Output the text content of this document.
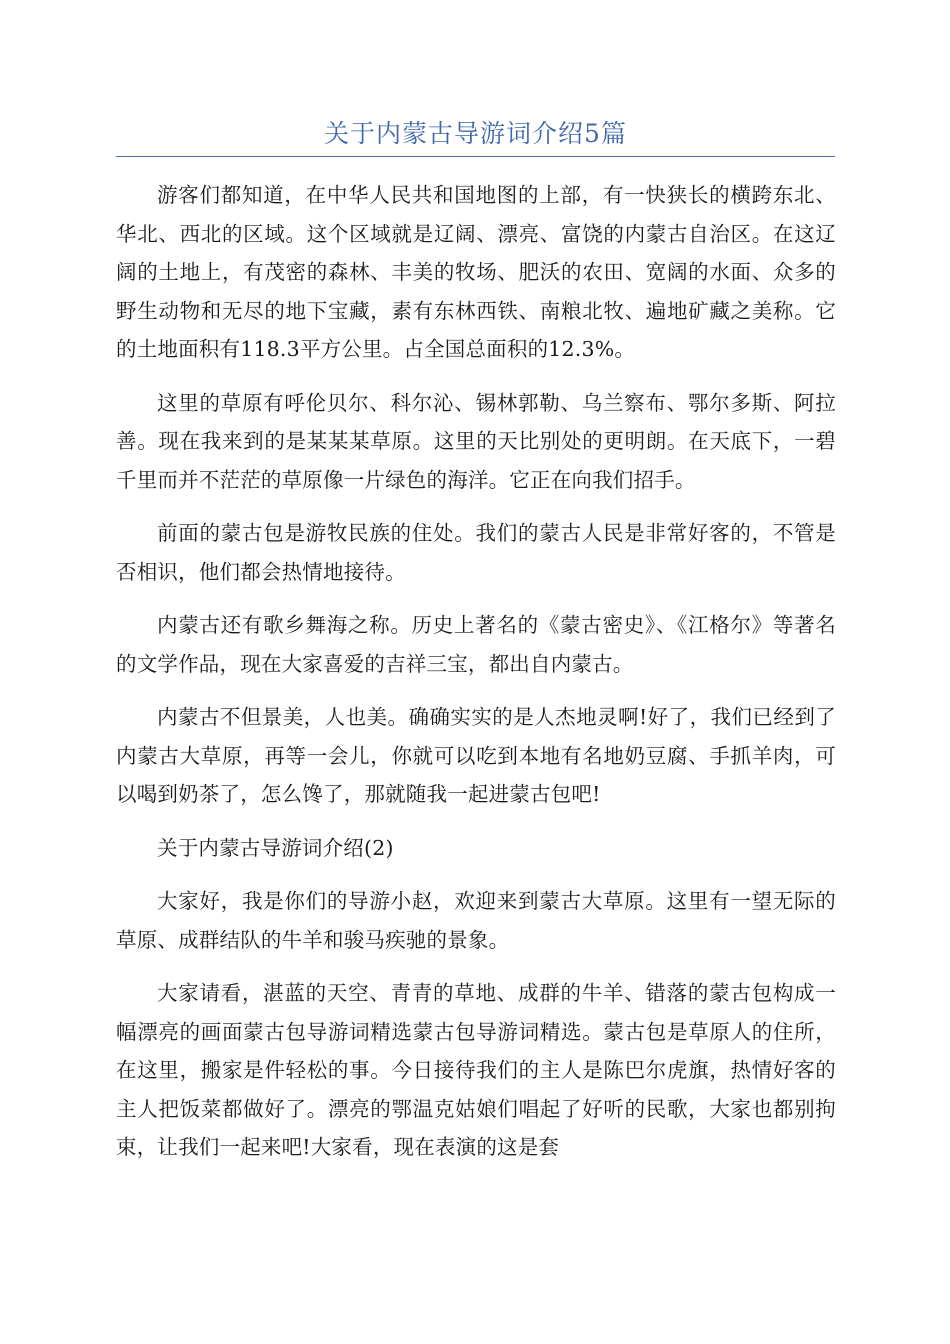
关于内蒙古导游词介绍5篇

游客们都知道，在中华人民共和国地图的上部，有一快狭长的横跨东北、华北、西北的区域。这个区域就是辽阔、漂亮、富饶的内蒙古自治区。在这辽阔的土地上，有茂密的森林、丰美的牧场、肥沃的农田、宽阔的水面、众多的野生动物和无尽的地下宝藏，素有东林西铁、南粮北牧、遍地矿藏之美称。它的土地面积有118.3平方公里。占全国总面积的12.3%。

这里的草原有呼伦贝尔、科尔沁、锡林郭勒、乌兰察布、鄂尔多斯、阿拉善。现在我来到的是某某某草原。这里的天比别处的更明朗。在天底下，一碧千里而并不茫茫的草原像一片绿色的海洋。它正在向我们招手。

前面的蒙古包是游牧民族的住处。我们的蒙古人民是非常好客的，不管是否相识，他们都会热情地接待。

内蒙古还有歌乡舞海之称。历史上著名的《蒙古密史》、《江格尔》等著名的文学作品，现在大家喜爱的吉祥三宝，都出自内蒙古。

内蒙古不但景美，人也美。确确实实的是人杰地灵啊!好了，我们已经到了内蒙古大草原，再等一会儿，你就可以吃到本地有名地奶豆腐、手抓羊肉，可以喝到奶茶了，怎么馋了，那就随我一起进蒙古包吧!

关于内蒙古导游词介绍(2)

大家好，我是你们的导游小赵，欢迎来到蒙古大草原。这里有一望无际的草原、成群结队的牛羊和骏马疾驰的景象。

大家请看，湛蓝的天空、青青的草地、成群的牛羊、错落的蒙古包构成一幅漂亮的画面蒙古包导游词精选蒙古包导游词精选。蒙古包是草原人的住所，在这里，搬家是件轻松的事。今日接待我们的主人是陈巴尔虎旗，热情好客的主人把饭菜都做好了。漂亮的鄂温克姑娘们唱起了好听的民歌，大家也都别拘束，让我们一起来吧!大家看，现在表演的这是套
